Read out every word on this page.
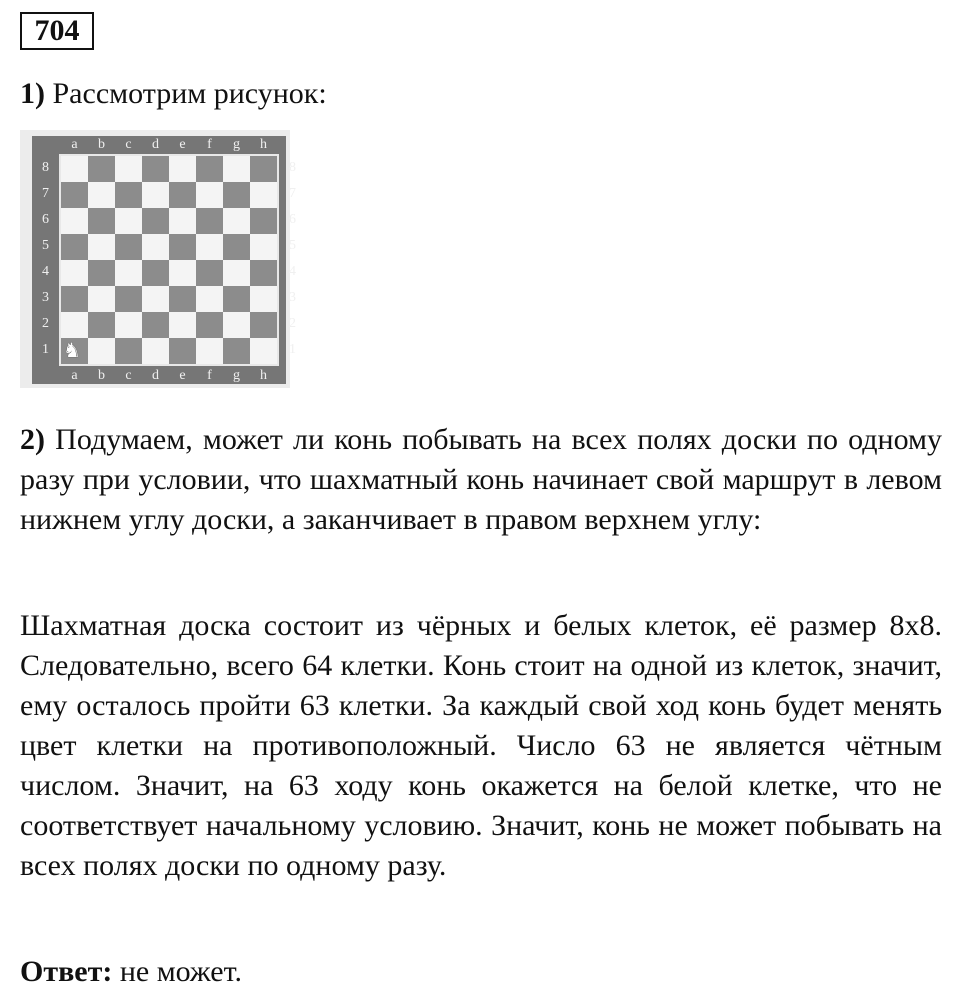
704
1) Рассмотрим рисунок:
♞
a
a
b
b
c
c
d
d
e
e
f
f
g
g
h
h
8	8
7	7
6	6
5	5
4	4
3	3
2	2
1	1
2) Подумаем, может ли конь побывать на всех полях доски по одному разу при условии, что шахматный конь начинает свой маршрут в левом нижнем углу доски, а заканчивает в правом верхнем углу:
Шахматная доска состоит из чёрных и белых клеток, её размер 8х8. Следовательно, всего 64 клетки. Конь стоит на одной из клеток, значит, ему осталось пройти 63 клетки. За каждый свой ход конь будет менять цвет клетки на противоположный. Число 63 не является чётным числом. Значит, на 63 ходу конь окажется на белой клетке, что не соответствует начальному условию. Значит, конь не может побывать на всех полях доски по одному разу.
Ответ: не может.
